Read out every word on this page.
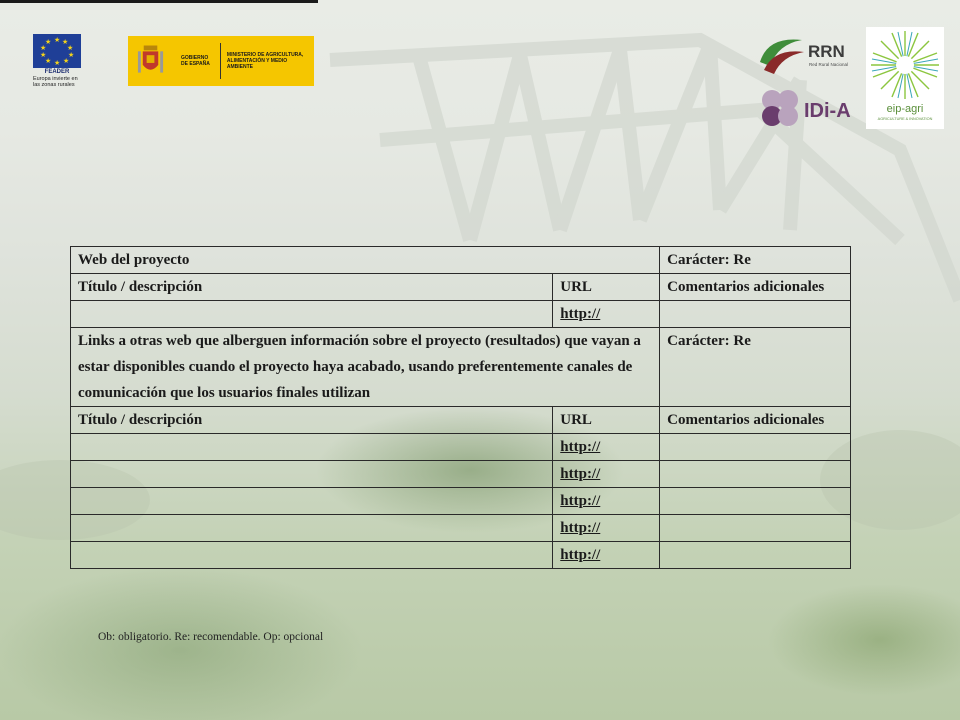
★ ★
★
★
★
★
★
★
★
★
FEADER
Europa invierte en las zonas rurales
GOBIERNO DE ESPAÑA
MINISTERIO DE AGRICULTURA, ALIMENTACIÓN Y MEDIO AMBIENTE
RRN
Red Rural Nacional
IDi-A	eip-agri
AGRICULTURE & INNOVATION
Web del proyecto		Carácter: Re
Título / descripción	URL	Comentarios adicionales
	http://	
Links a otras web que alberguen información sobre el proyecto (resultados) que vayan a estar disponibles cuando el proyecto haya acabado, usando preferentemente canales de comunicación que los usuarios finales utilizan		Carácter: Re
Título / descripción	URL	Comentarios adicionales
	http://	
	http://	
	http://	
	http://	
	http://	
Ob: obligatorio. Re: recomendable. Op: opcional
